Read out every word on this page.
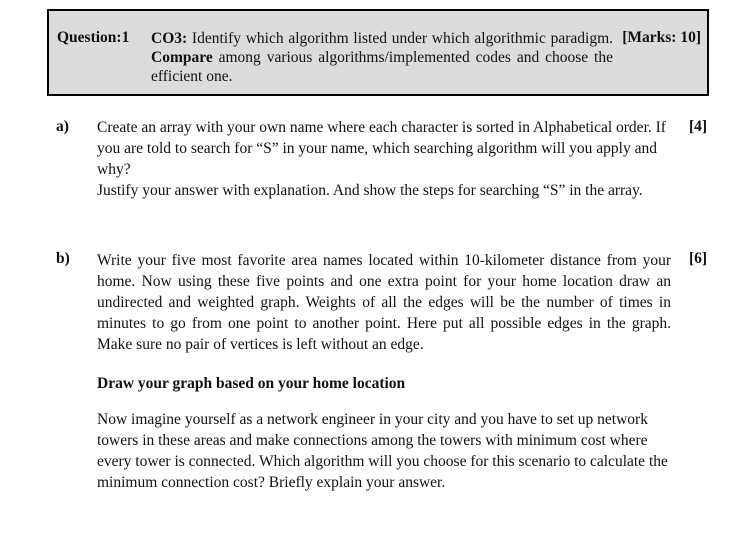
Question:1 CO3: Identify which algorithm listed under which algorithmic paradigm. Compare among various algorithms/implemented codes and choose the efficient one.
[Marks: 10]
a)	[4]

Create an array with your own name where each character is sorted in Alphabetical order. If you are told to search for “S” in your name, which searching algorithm will you apply and why?

Justify your answer with explanation. And show the steps for searching “S” in the array.

b)	[6]

Write your five most favorite area names located within 10-kilometer distance from your home. Now using these five points and one extra point for your home location draw an undirected and weighted graph. Weights of all the edges will be the number of times in minutes to go from one point to another point. Here put all possible edges in the graph. Make sure no pair of vertices is left without an edge.

Draw your graph based on your home location

Now imagine yourself as a network engineer in your city and you have to set up network towers in these areas and make connections among the towers with minimum cost where every tower is connected. Which algorithm will you choose for this scenario to calculate the minimum connection cost? Briefly explain your answer.
